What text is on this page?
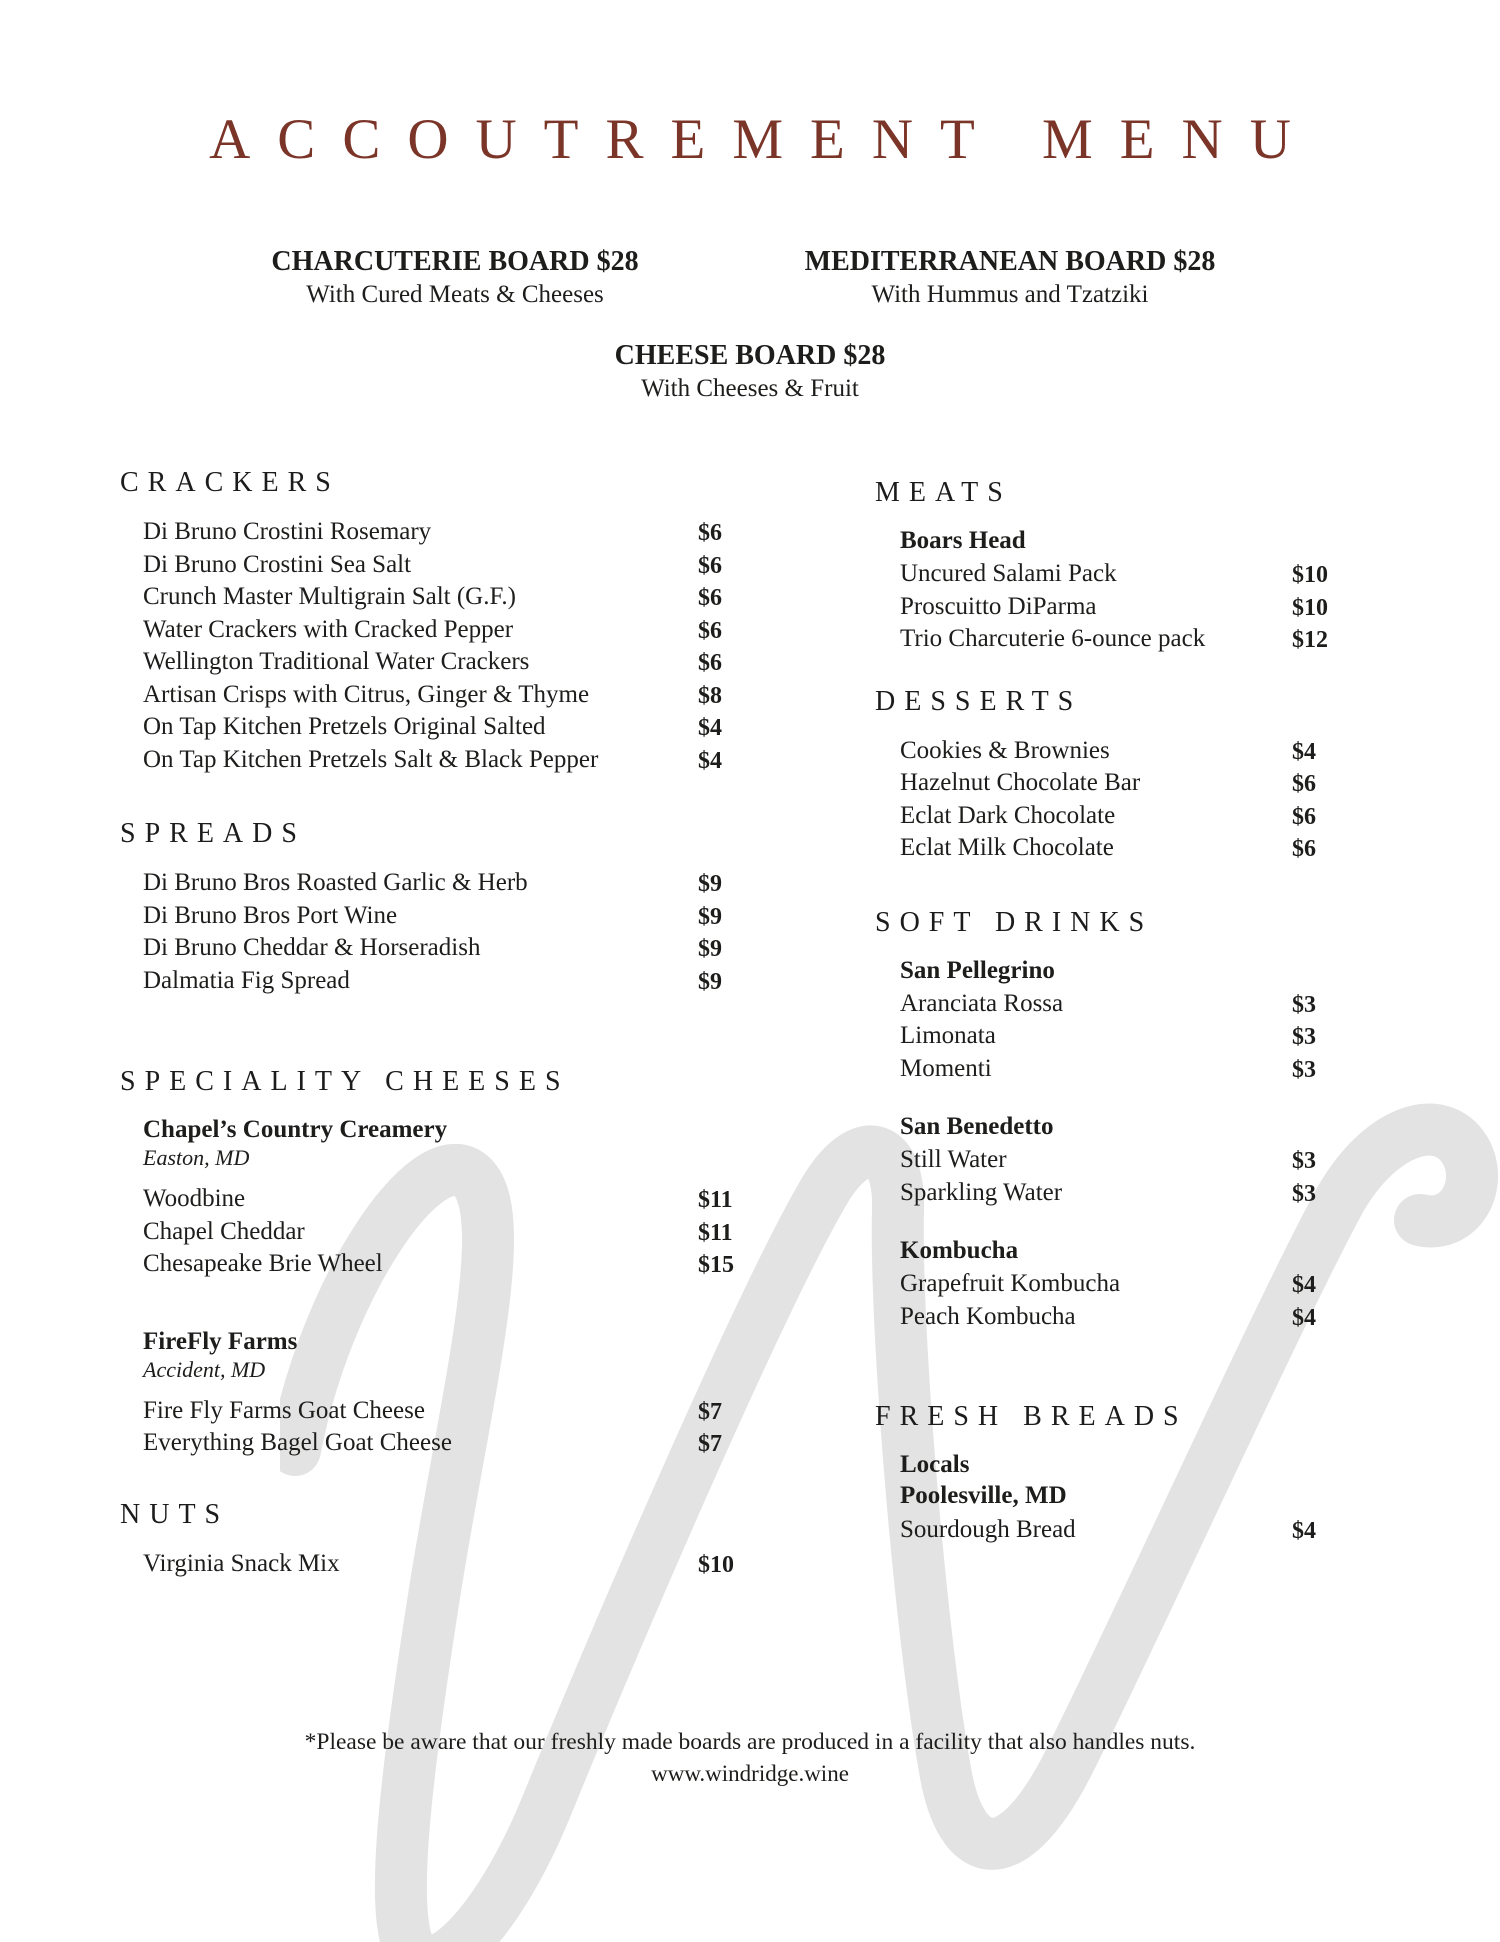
ACCOUTREMENT MENU
CHARCUTERIE BOARD $28
With Cured Meats & Cheeses
MEDITERRANEAN BOARD $28
With Hummus and Tzatziki
CHEESE BOARD $28
With Cheeses & Fruit
CRACKERS
Di Bruno Crostini Rosemary	$6
Di Bruno Crostini Sea Salt	$6
Crunch Master Multigrain Salt (G.F.)	$6
Water Crackers with Cracked Pepper	$6
Wellington Traditional Water Crackers	$6
Artisan Crisps with Citrus, Ginger & Thyme	$8
On Tap Kitchen Pretzels Original Salted	$4
On Tap Kitchen Pretzels Salt & Black Pepper	$4
SPREADS
Di Bruno Bros Roasted Garlic & Herb	$9
Di Bruno Bros Port Wine	$9
Di Bruno Cheddar & Horseradish	$9
Dalmatia Fig Spread	$9
SPECIALITY CHEESES
Chapel’s Country Creamery
Easton, MD
Woodbine	$11
Chapel Cheddar	$11
Chesapeake Brie Wheel	$15
FireFly Farms
Accident, MD
Fire Fly Farms Goat Cheese	$7
Everything Bagel Goat Cheese	$7
NUTS
Virginia Snack Mix	$10
MEATS
Boars Head
Uncured Salami Pack	$10
Proscuitto DiParma	$10
Trio Charcuterie 6-ounce pack	$12
DESSERTS
Cookies & Brownies	$4
Hazelnut Chocolate Bar	$6
Eclat Dark Chocolate	$6
Eclat Milk Chocolate	$6
SOFT DRINKS
San Pellegrino
Aranciata Rossa	$3
Limonata	$3
Momenti	$3
San Benedetto
Still Water	$3
Sparkling Water	$3
Kombucha
Grapefruit Kombucha	$4
Peach Kombucha	$4
FRESH BREADS
Locals
Poolesville, MD
Sourdough Bread	$4
*Please be aware that our freshly made boards are produced in a facility that also handles nuts.
www.windridge.wine
